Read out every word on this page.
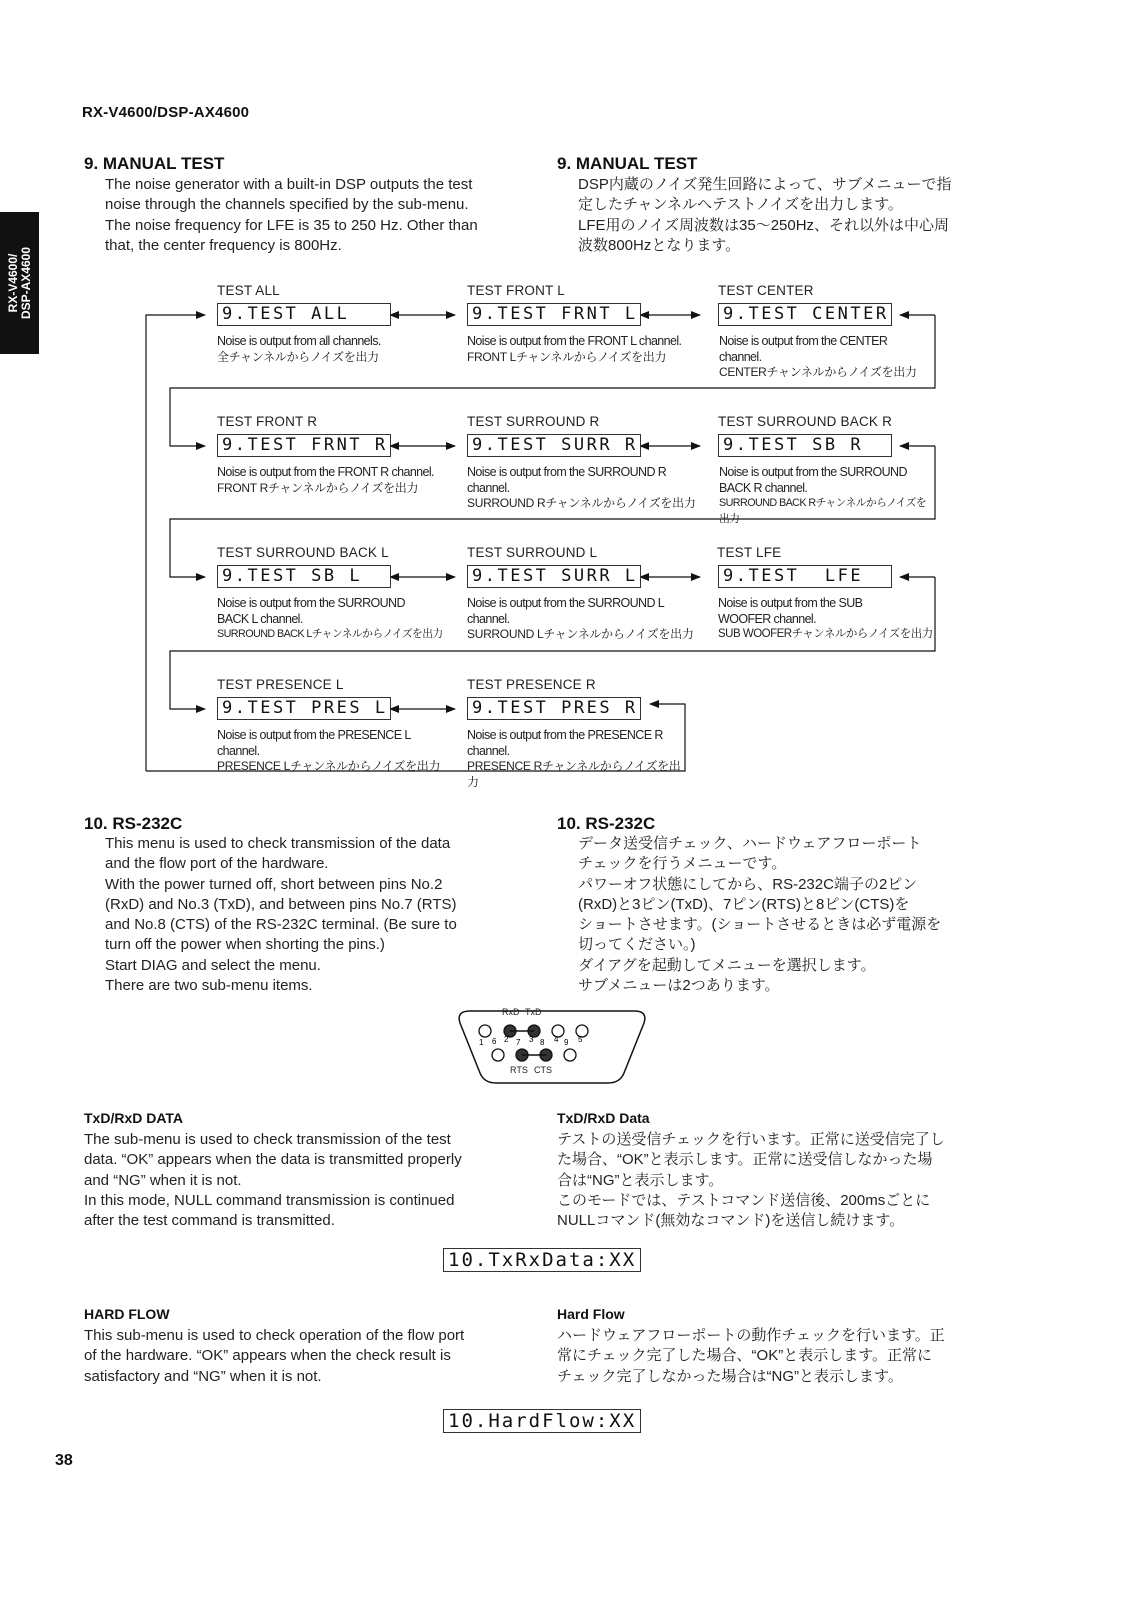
RX-V4600/DSP-AX4600
RX-V4600/ DSP-AX4600
9. MANUAL TEST
The noise generator with a built-in DSP outputs the test
noise through the channels specified by the sub-menu.
The noise frequency for LFE is 35 to 250 Hz. Other than
that, the center frequency is 800Hz.
9. MANUAL TEST
DSP内蔵のノイズ発生回路によって、サブメニューで指
定したチャンネルへテストノイズを出力します。
LFE用のノイズ周波数は35～250Hz、それ以外は中心周
波数800Hzとなります。
TEST ALL
9.TEST ALL
Noise is output from all channels.
全チャンネルからノイズを出力
TEST FRONT L
9.TEST FRNT L
Noise is output from the FRONT L channel.
FRONT Lチャンネルからノイズを出力
TEST CENTER
9.TEST CENTER
Noise is output from the CENTER
channel.
CENTERチャンネルからノイズを出力
TEST FRONT R
9.TEST FRNT R
Noise is output from the FRONT R channel.
FRONT Rチャンネルからノイズを出力
TEST SURROUND R
9.TEST SURR R
Noise is output from the SURROUND R
channel.
SURROUND Rチャンネルからノイズを出力
TEST SURROUND BACK R
9.TEST SB R
Noise is output from the SURROUND
BACK R channel.
SURROUND BACK Rチャンネルからノイズを出力
TEST SURROUND BACK L
9.TEST SB L
Noise is output from the SURROUND
BACK L channel.
SURROUND BACK Lチャンネルからノイズを出力
TEST SURROUND L
9.TEST SURR L
Noise is output from the SURROUND L
channel.
SURROUND Lチャンネルからノイズを出力
TEST LFE
9.TEST  LFE
Noise is output from the SUB
WOOFER channel.
SUB WOOFERチャンネルからノイズを出力
TEST PRESENCE L
9.TEST PRES L
Noise is output from the PRESENCE L
channel.
PRESENCE Lチャンネルからノイズを出力
TEST PRESENCE R
9.TEST PRES R
Noise is output from the PRESENCE R
channel.
PRESENCE Rチャンネルからノイズを出力
10. RS-232C
This menu is used to check transmission of the data
and the flow port of the hardware.
With the power turned off, short between pins No.2
(RxD) and No.3 (TxD), and between pins No.7 (RTS)
and No.8 (CTS) of the RS-232C terminal. (Be sure to
turn off the power when shorting the pins.)
Start DIAG and select the menu.
There are two sub-menu items.
10. RS-232C
データ送受信チェック、ハードウェアフローポート
チェックを行うメニューです。
パワーオフ状態にしてから、RS-232C端子の2ピン
(RxD)と3ピン(TxD)、7ピン(RTS)と8ピン(CTS)を
ショートさせます。(ショートさせるときは必ず電源を
切ってください。)
ダイアグを起動してメニューを選択します。
サブメニューは2つあります。
RxD TxD
1	2	3	4 5
6 7 8 9
RTS CTS
TxD/RxD DATA
The sub-menu is used to check transmission of the test
data. “OK” appears when the data is transmitted properly
and “NG” when it is not.
In this mode, NULL command transmission is continued
after the test command is transmitted.
TxD/RxD Data
テストの送受信チェックを行います。正常に送受信完了し
た場合、“OK”と表示します。正常に送受信しなかった場
合は“NG”と表示します。
このモードでは、テストコマンド送信後、200msごとに
NULLコマンド(無効なコマンド)を送信し続けます。
10.TxRxData:XX
HARD FLOW
This sub-menu is used to check operation of the flow port
of the hardware. “OK” appears when the check result is
satisfactory and “NG” when it is not.
Hard Flow
ハードウェアフローポートの動作チェックを行います。正
常にチェック完了した場合、“OK”と表示します。正常に
チェック完了しなかった場合は“NG”と表示します。
10.HardFlow:XX
38
